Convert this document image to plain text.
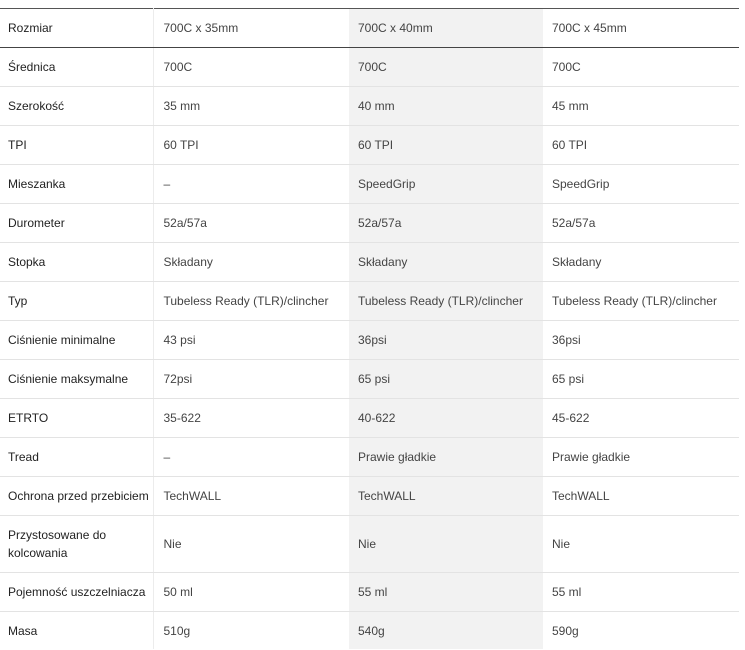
Rozmiar	700C x 35mm	700C x 40mm	700C x 45mm
Średnica	700C	700C	700C
Szerokość	35 mm	40 mm	45 mm
TPI	60 TPI	60 TPI	60 TPI
Mieszanka	–	SpeedGrip	SpeedGrip
Durometer	52a/57a	52a/57a	52a/57a
Stopka	Składany	Składany	Składany
Typ	Tubeless Ready (TLR)/clincher	Tubeless Ready (TLR)/clincher	Tubeless Ready (TLR)/clincher
Ciśnienie minimalne	43 psi	36psi	36psi
Ciśnienie maksymalne	72psi	65 psi	65 psi
ETRTO	35-622	40-622	45-622
Tread	–	Prawie gładkie	Prawie gładkie
Ochrona przed przebiciem	TechWALL	TechWALL	TechWALL
Przystosowane do kolcowania	Nie	Nie	Nie
Pojemność uszczelniacza	50 ml	55 ml	55 ml
Masa	510g	540g	590g
